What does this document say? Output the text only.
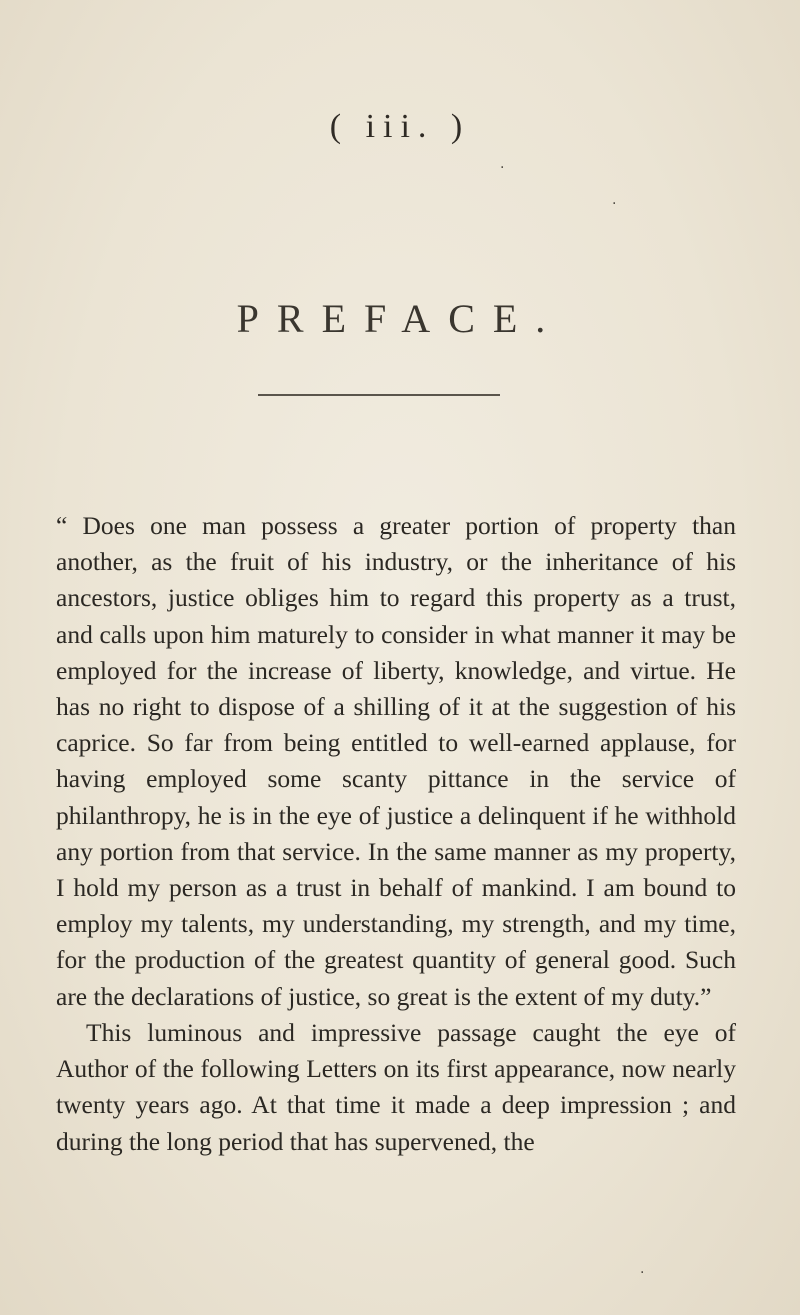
( iii. )
PREFACE.
“ Does one man possess a greater portion of property than another, as the fruit of his industry, or the inheritance of his ancestors, justice obliges him to regard this property as a trust, and calls upon him maturely to consider in what manner it may be employed for the increase of liberty, knowledge, and virtue. He has no right to dispose of a shilling of it at the suggestion of his caprice. So far from being entitled to well-earned applause, for having employed some scanty pittance in the service of philanthropy, he is in the eye of justice a delinquent if he withhold any portion from that service. In the same manner as my property, I hold my person as a trust in behalf of mankind. I am bound to employ my talents, my understanding, my strength, and my time, for the production of the greatest quantity of general good. Such are the declarations of justice, so great is the extent of my duty.”
This luminous and impressive passage caught the eye of Author of the following Letters on its first appearance, now nearly twenty years ago. At that time it made a deep impression ; and during the long period that has supervened, the
·
·
·
